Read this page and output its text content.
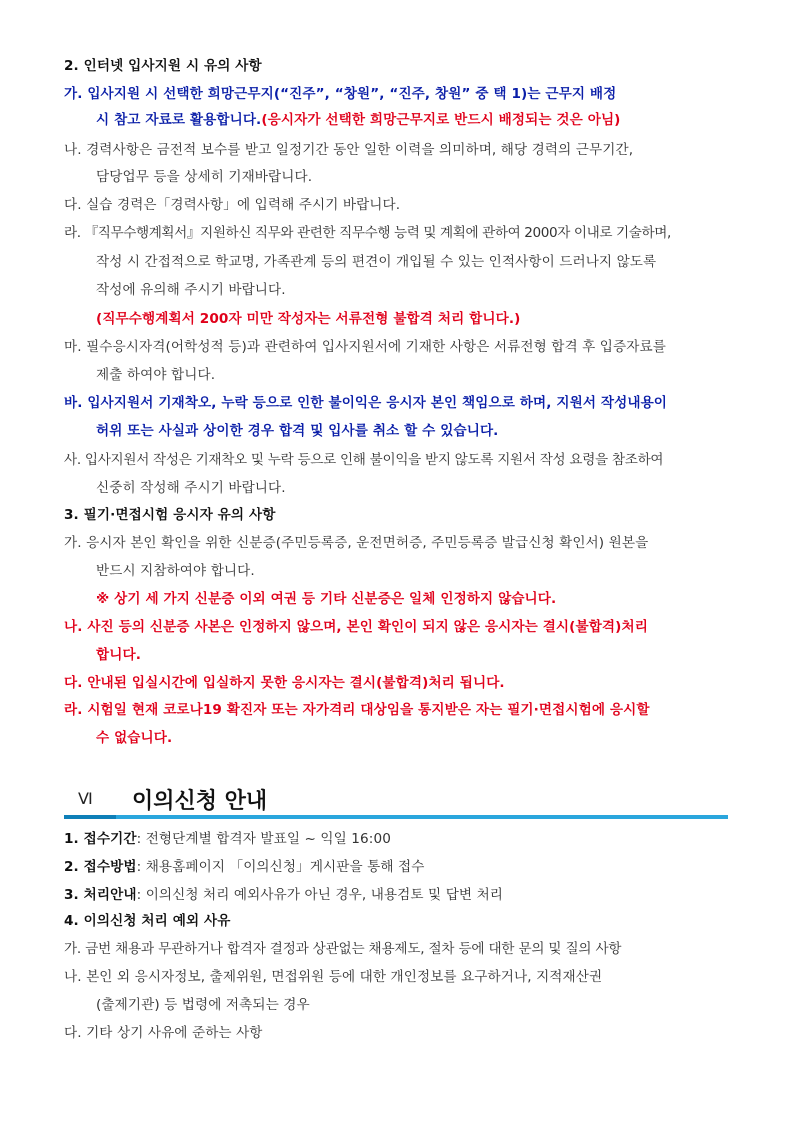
2. 인터넷 입사지원 시 유의 사항
가. 입사지원 시 선택한 희망근무지(“진주”, “창원”, “진주, 창원” 중 택 1)는 근무지 배정
시 참고 자료로 활용합니다.(응시자가 선택한 희망근무지로 반드시 배정되는 것은 아님)
나. 경력사항은 금전적 보수를 받고 일정기간 동안 일한 이력을 의미하며, 해당 경력의 근무기간,
담당업무 등을 상세히 기재바랍니다.
다. 실습 경력은「경력사항」에 입력해 주시기 바랍니다.
라. 『직무수행계획서』지원하신 직무와 관련한 직무수행 능력 및 계획에 관하여 2000자 이내로 기술하며,
작성 시 간접적으로 학교명, 가족관계 등의 편견이 개입될 수 있는 인적사항이 드러나지 않도록
작성에 유의해 주시기 바랍니다.
(직무수행계획서 200자 미만 작성자는 서류전형 불합격 처리 합니다.)
마. 필수응시자격(어학성적 등)과 관련하여 입사지원서에 기재한 사항은 서류전형 합격 후 입증자료를
제출 하여야 합니다.
바. 입사지원서 기재착오, 누락 등으로 인한 불이익은 응시자 본인 책임으로 하며, 지원서 작성내용이
허위 또는 사실과 상이한 경우 합격 및 입사를 취소 할 수 있습니다.
사. 입사지원서 작성은 기재착오 및 누락 등으로 인해 불이익을 받지 않도록 지원서 작성 요령을 참조하여
신중히 작성해 주시기 바랍니다.
3. 필기·면접시험 응시자 유의 사항
가. 응시자 본인 확인을 위한 신분증(주민등록증, 운전면허증, 주민등록증 발급신청 확인서) 원본을
반드시 지참하여야 합니다.
※ 상기 세 가지 신분증 이외 여권 등 기타 신분증은 일체 인정하지 않습니다.
나. 사진 등의 신분증 사본은 인정하지 않으며, 본인 확인이 되지 않은 응시자는 결시(불합격)처리
합니다.
다. 안내된 입실시간에 입실하지 못한 응시자는 결시(불합격)처리 됩니다.
라. 시험일 현재 코로나19 확진자 또는 자가격리 대상임을 통지받은 자는 필기·면접시험에 응시할
수 없습니다.
Ⅵ 이의신청 안내
1. 접수기간: 전형단계별 합격자 발표일 ~ 익일 16:00
2. 접수방법: 채용홈페이지 「이의신청」게시판을 통해 접수
3. 처리안내: 이의신청 처리 예외사유가 아닌 경우, 내용검토 및 답변 처리
4. 이의신청 처리 예외 사유
가. 금번 채용과 무관하거나 합격자 결정과 상관없는 채용제도, 절차 등에 대한 문의 및 질의 사항
나. 본인 외 응시자정보, 출제위원, 면접위원 등에 대한 개인정보를 요구하거나, 지적재산권
(출제기관) 등 법령에 저촉되는 경우
다. 기타 상기 사유에 준하는 사항
